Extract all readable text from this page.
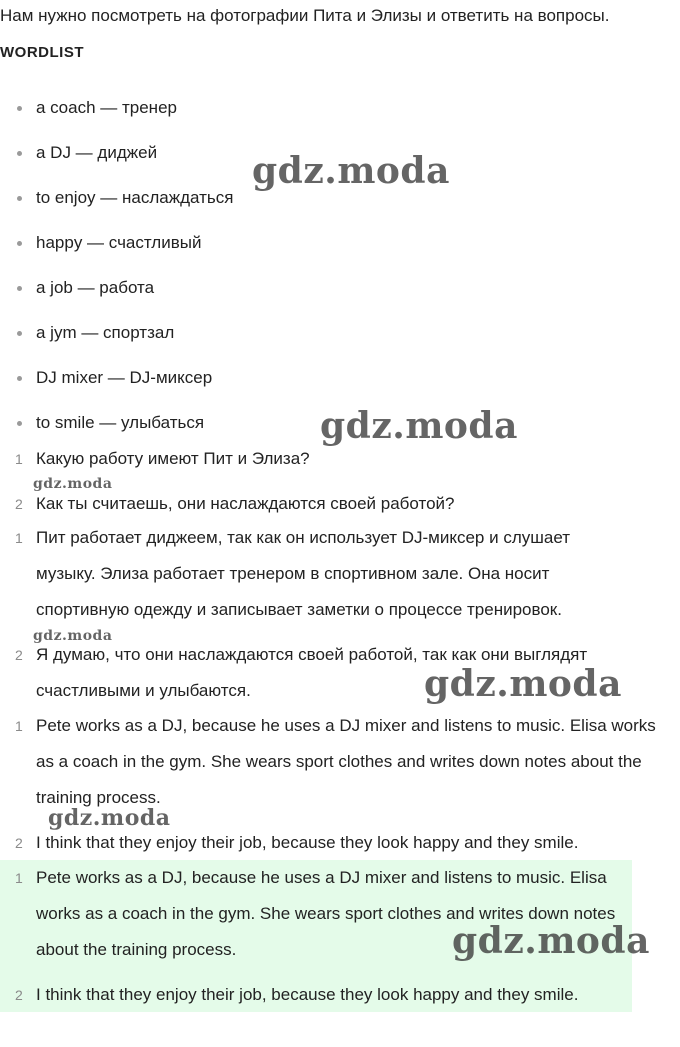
Нам нужно посмотреть на фотографии Пита и Элизы и ответить на вопросы.
WORDLIST
a coach — тренер
a DJ — диджей
to enjoy — наслаждаться
happy — счастливый
a job — работа
a jym — спортзал
DJ mixer — DJ-миксер
to smile — улыбаться
1 Какую работу имеют Пит и Элиза?
2 Как ты считаешь, они наслаждаются своей работой?
1 Пит работает диджеем, так как он использует DJ-миксер и слушает музыку. Элиза работает тренером в спортивном зале. Она носит спортивную одежду и записывает заметки о процессе тренировок.
2 Я думаю, что они наслаждаются своей работой, так как они выглядят счастливыми и улыбаются.
1 Pete works as a DJ, because he uses a DJ mixer and listens to music. Elisa works as a coach in the gym. She wears sport clothes and writes down notes about the training process.
2 I think that they enjoy their job, because they look happy and they smile.
1 Pete works as a DJ, because he uses a DJ mixer and listens to music. Elisa works as a coach in the gym. She wears sport clothes and writes down notes about the training process.
2 I think that they enjoy their job, because they look happy and they smile.
gdz.moda
gdz.moda
gdz.moda
gdz.moda
gdz.moda
gdz.moda
gdz.moda
